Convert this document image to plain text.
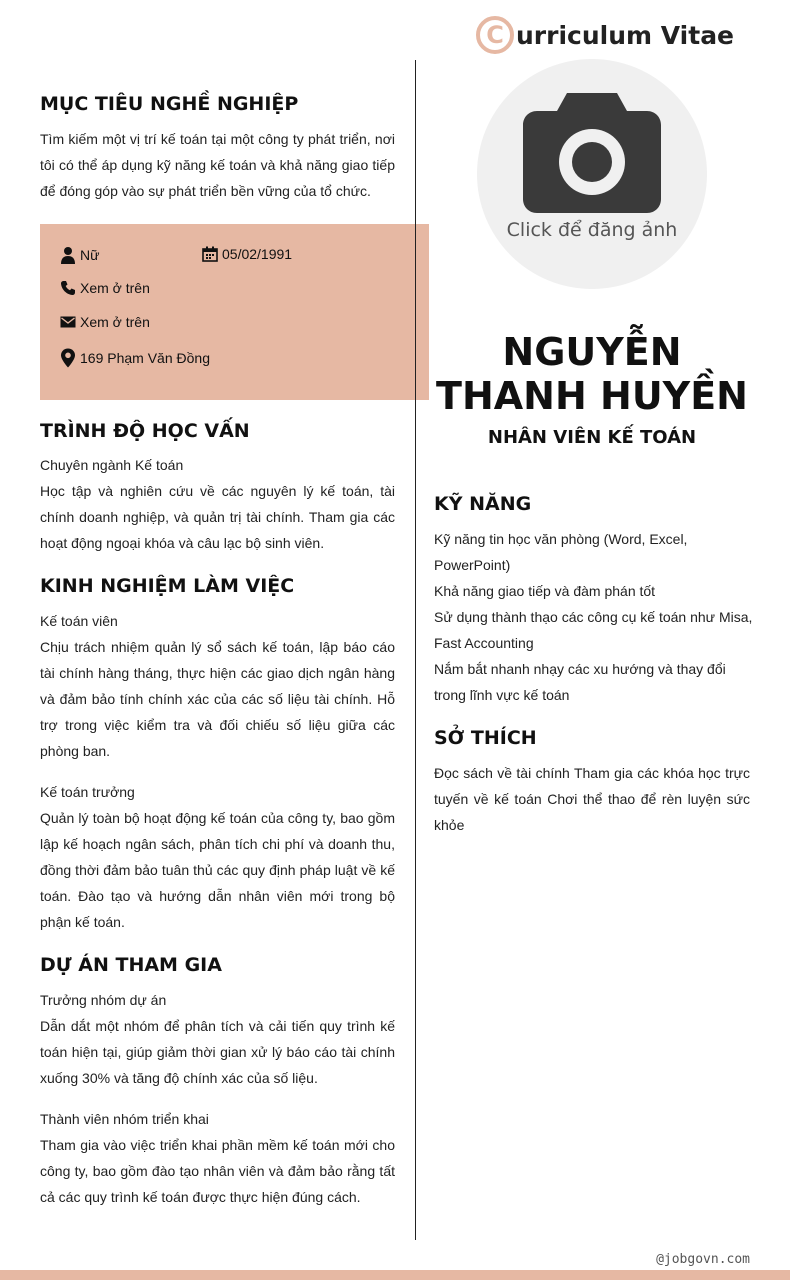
C urriculum Vitae
MỤC TIÊU NGHỀ NGHIỆP
Tìm kiếm một vị trí kế toán tại một công ty phát triển, nơi tôi có thể áp dụng kỹ năng kế toán và khả năng giao tiếp để đóng góp vào sự phát triển bền vững của tổ chức.
Nữ	05/02/1991
Xem ở trên
Xem ở trên
169 Phạm Văn Đồng
TRÌNH ĐỘ HỌC VẤN
Chuyên ngành Kế toán
Học tập và nghiên cứu về các nguyên lý kế toán, tài chính doanh nghiệp, và quản trị tài chính. Tham gia các hoạt động ngoại khóa và câu lạc bộ sinh viên.
KINH NGHIỆM LÀM VIỆC
Kế toán viên
Chịu trách nhiệm quản lý sổ sách kế toán, lập báo cáo tài chính hàng tháng, thực hiện các giao dịch ngân hàng và đảm bảo tính chính xác của các số liệu tài chính. Hỗ trợ trong việc kiểm tra và đối chiếu số liệu giữa các phòng ban.
Kế toán trưởng
Quản lý toàn bộ hoạt động kế toán của công ty, bao gồm lập kế hoạch ngân sách, phân tích chi phí và doanh thu, đồng thời đảm bảo tuân thủ các quy định pháp luật về kế toán. Đào tạo và hướng dẫn nhân viên mới trong bộ phận kế toán.
DỰ ÁN THAM GIA
Trưởng nhóm dự án
Dẫn dắt một nhóm để phân tích và cải tiến quy trình kế toán hiện tại, giúp giảm thời gian xử lý báo cáo tài chính xuống 30% và tăng độ chính xác của số liệu.
Thành viên nhóm triển khai
Tham gia vào việc triển khai phần mềm kế toán mới cho công ty, bao gồm đào tạo nhân viên và đảm bảo rằng tất cả các quy trình kế toán được thực hiện đúng cách.
Click để đăng ảnh
NGUYỄN THANH HUYỀN
NHÂN VIÊN KẾ TOÁN
KỸ NĂNG
Kỹ năng tin học văn phòng (Word, Excel, PowerPoint)
Khả năng giao tiếp và đàm phán tốt
Sử dụng thành thạo các công cụ kế toán như Misa, Fast Accounting
Nắm bắt nhanh nhạy các xu hướng và thay đổi trong lĩnh vực kế toán
SỞ THÍCH
Đọc sách về tài chính Tham gia các khóa học trực tuyến về kế toán Chơi thể thao để rèn luyện sức khỏe
@jobgovn.com
